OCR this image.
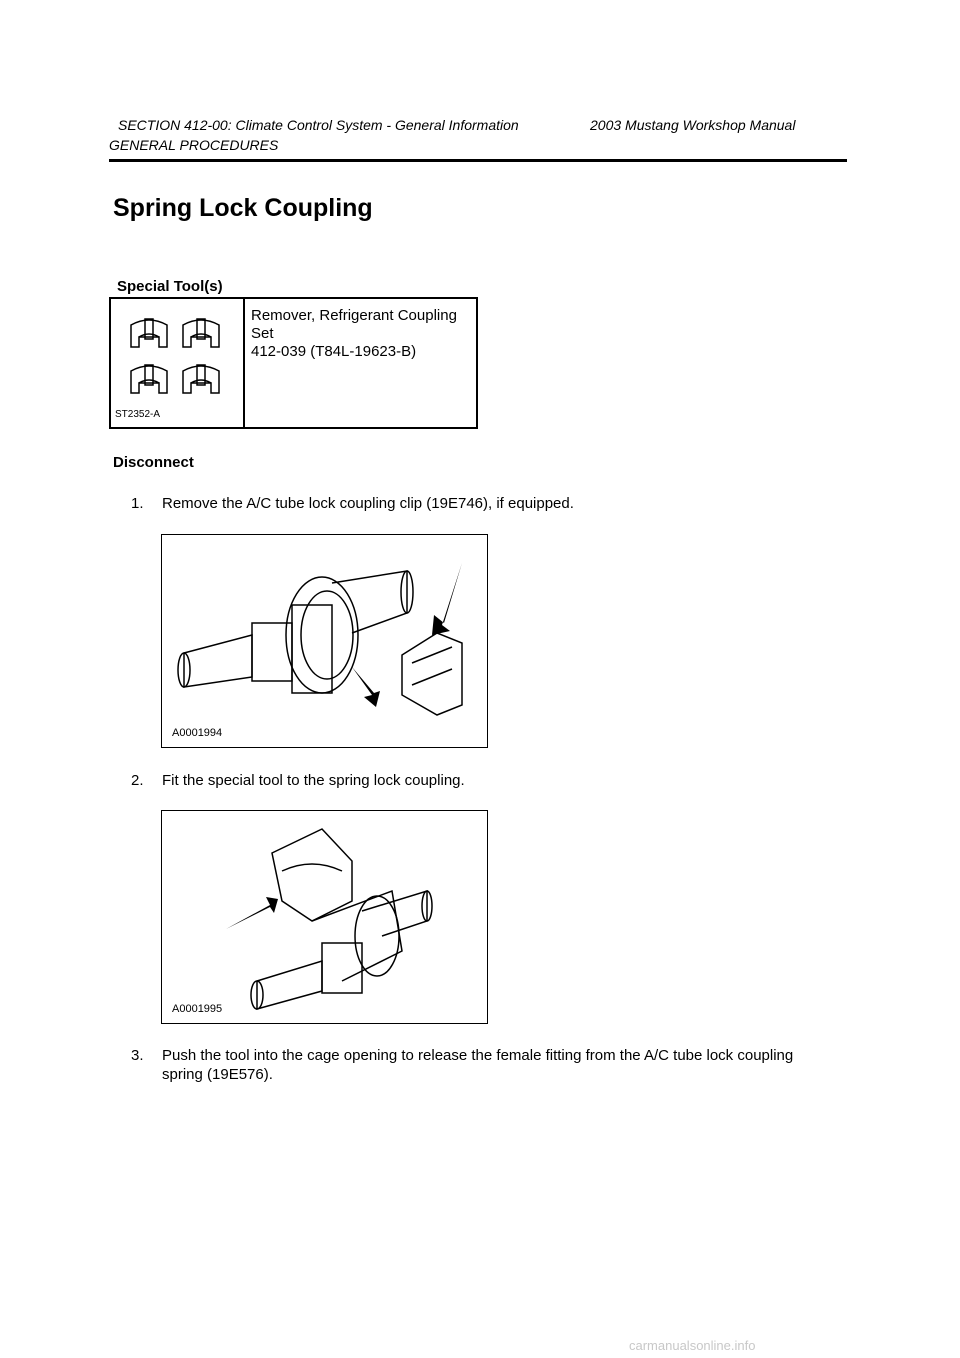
SECTION 412-00: Climate Control System - General Information	2003 Mustang Workshop Manual
GENERAL PROCEDURES
Spring Lock Coupling
Special Tool(s)
ST2352-A
Remover, Refrigerant Coupling
Set
412-039 (T84L-19623-B)
Disconnect
1. Remove the A/C tube lock coupling clip (19E746), if equipped.
A0001994
2. Fit the special tool to the spring lock coupling.
A0001995
3. Push the tool into the cage opening to release the female fitting from the A/C tube lock coupling
spring (19E576).
carmanualsonline.info
